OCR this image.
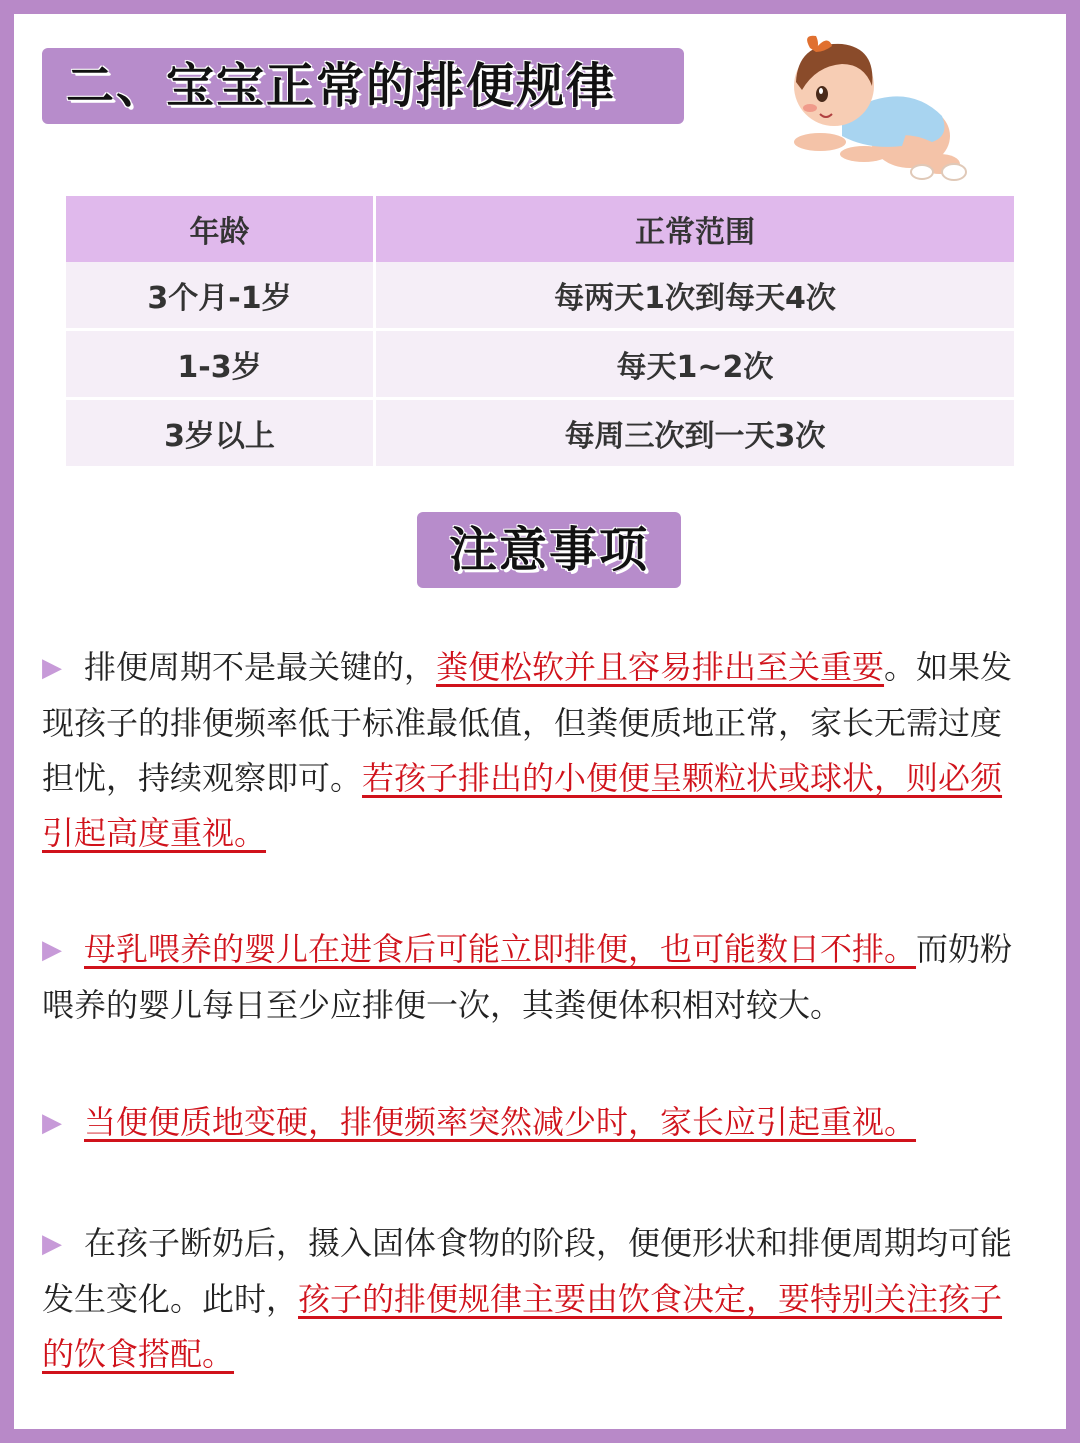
二、宝宝正常的排便规律
年龄	正常范围
3个月-1岁	每两天1次到每天4次
1-3岁	每天1~2次
3岁以上	每周三次到一天3次
注意事项

▶ 排便周期不是最关键的，粪便松软并且容易排出至关重要。如果发现孩子的排便频率低于标准最低值，但粪便质地正常，家长无需过度担忧，持续观察即可。若孩子排出的小便便呈颗粒状或球状，则必须引起高度重视。

▶ 母乳喂养的婴儿在进食后可能立即排便，也可能数日不排。而奶粉喂养的婴儿每日至少应排便一次，其粪便体积相对较大。

▶ 当便便质地变硬，排便频率突然减少时，家长应引起重视。

▶ 在孩子断奶后，摄入固体食物的阶段，便便形状和排便周期均可能发生变化。此时，孩子的排便规律主要由饮食决定，要特别关注孩子的饮食搭配。
